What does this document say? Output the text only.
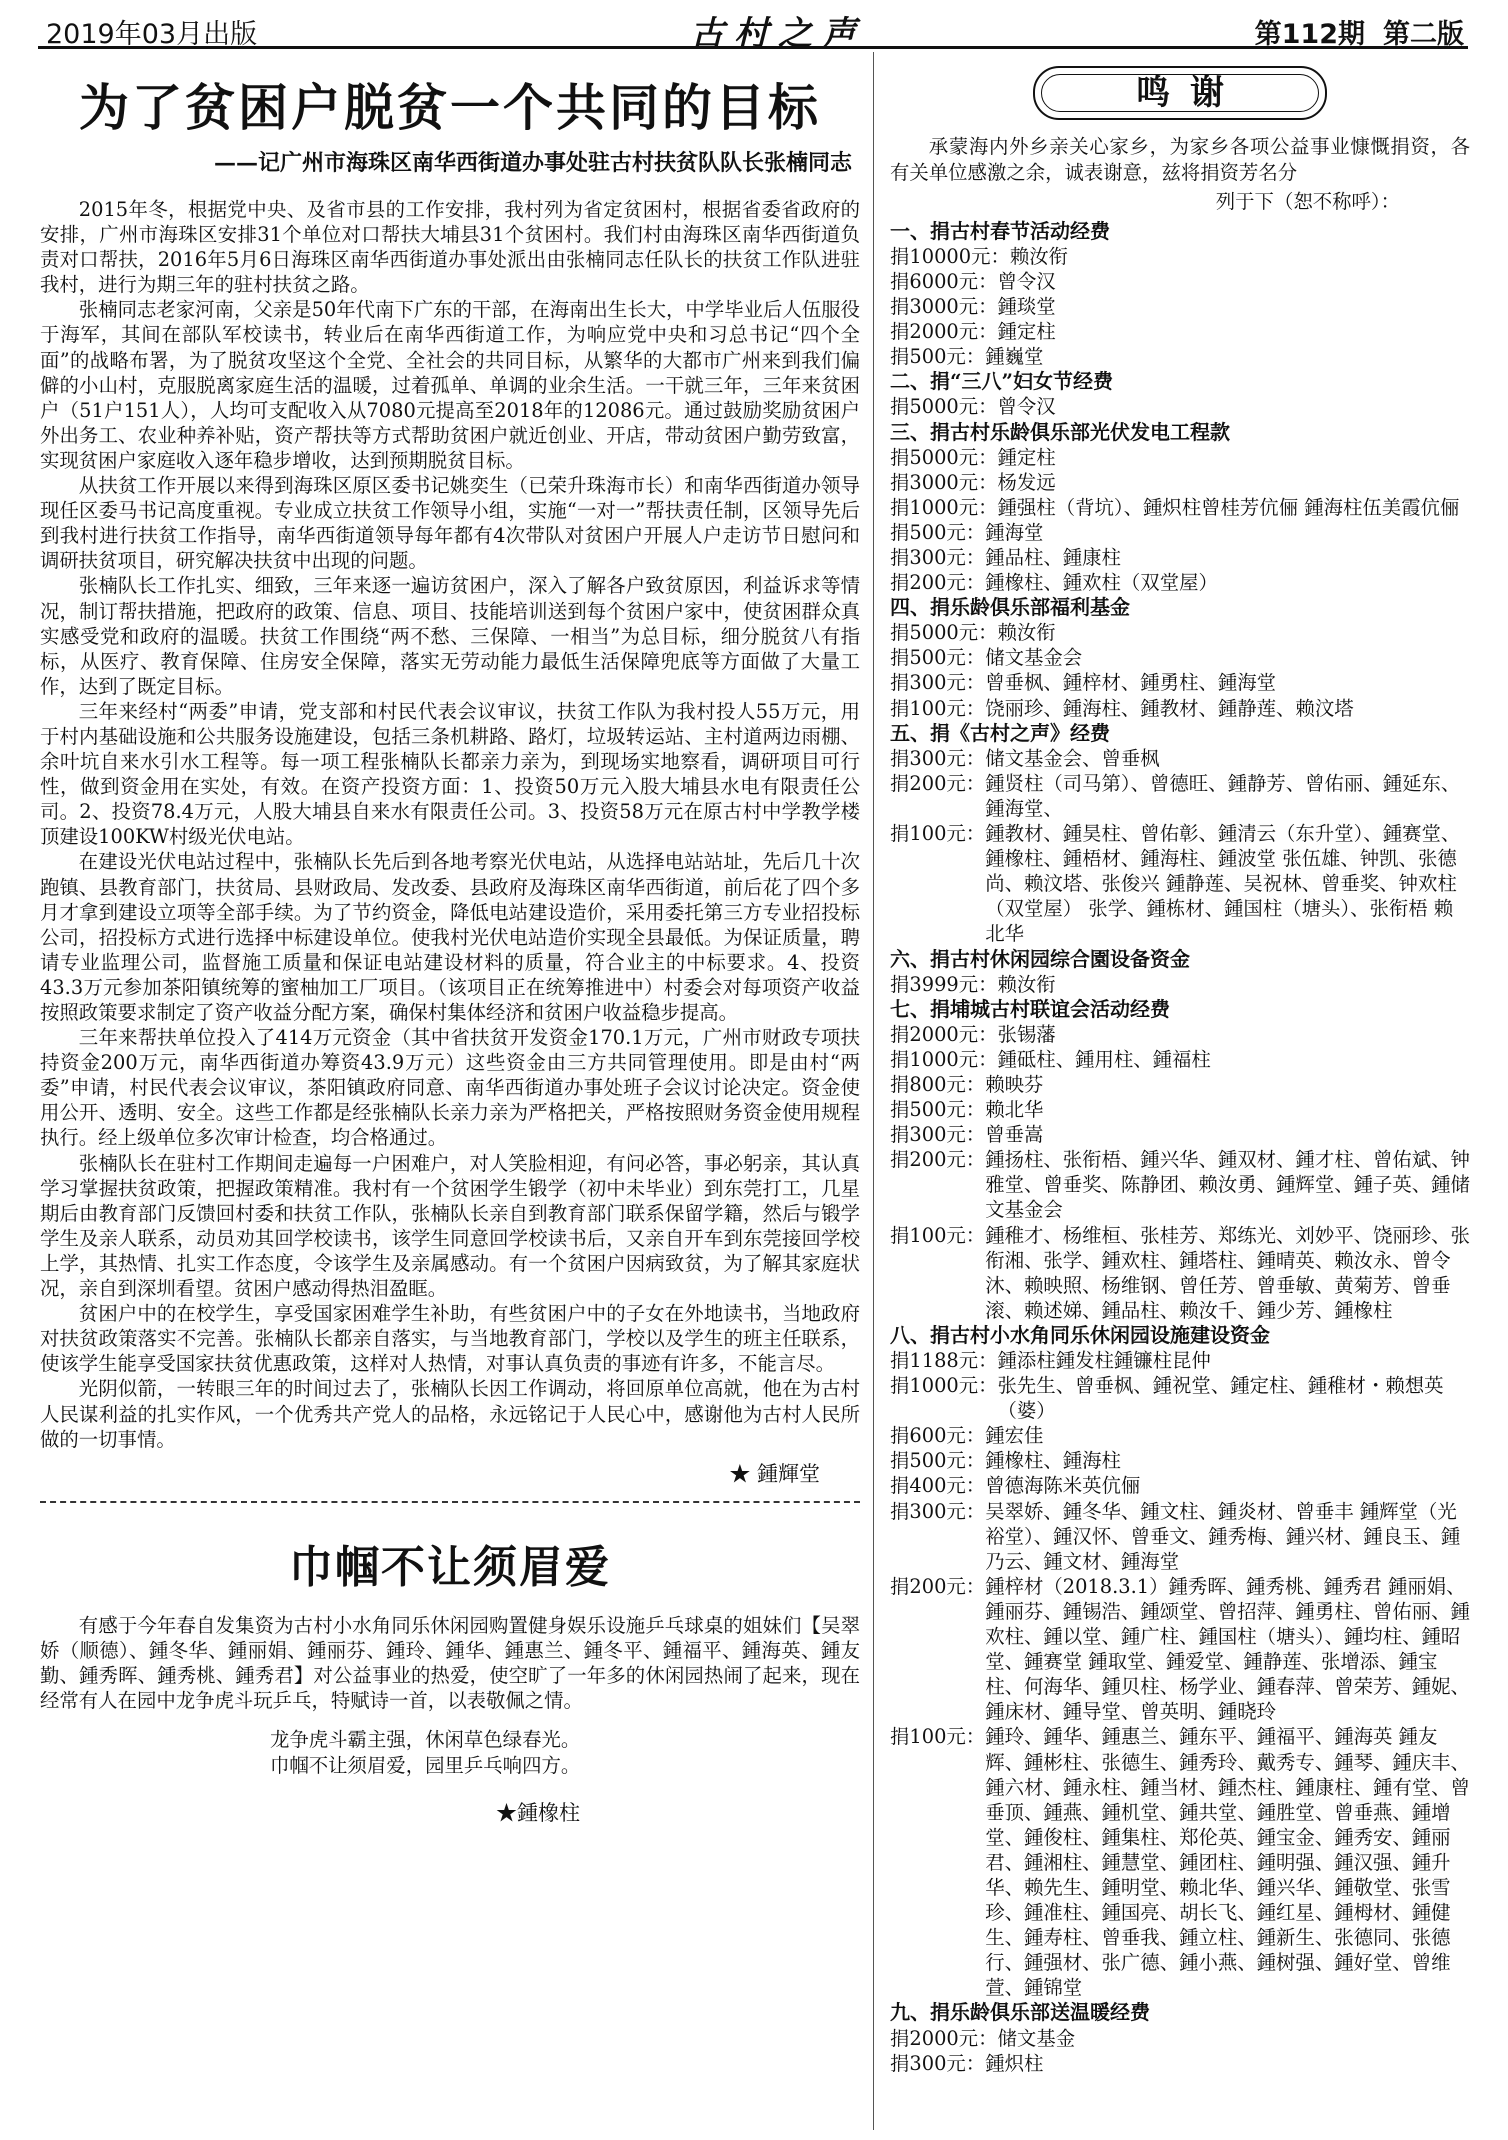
2019年03月出版	古村之声	第112期 第二版
为了贫困户脱贫一个共同的目标
——记广州市海珠区南华西街道办事处驻古村扶贫队队长张楠同志

2015年冬，根据党中央、及省市县的工作安排，我村列为省定贫困村，根据省委省政府的安排，广州市海珠区安排31个单位对口帮扶大埔县31个贫困村。我们村由海珠区南华西街道负责对口帮扶，2016年5月6日海珠区南华西街道办事处派出由张楠同志任队长的扶贫工作队进驻我村，进行为期三年的驻村扶贫之路。

张楠同志老家河南，父亲是50年代南下广东的干部，在海南出生长大，中学毕业后人伍服役于海军，其间在部队军校读书，转业后在南华西街道工作，为响应党中央和习总书记“四个全面”的战略布署，为了脱贫攻坚这个全党、全社会的共同目标，从繁华的大都市广州来到我们偏僻的小山村，克服脱离家庭生活的温暖，过着孤单、单调的业余生活。一干就三年，三年来贫困户（51户151人），人均可支配收入从7080元提高至2018年的12086元。通过鼓励奖励贫困户外出务工、农业种养补贴，资产帮扶等方式帮助贫困户就近创业、开店，带动贫困户勤劳致富，实现贫困户家庭收入逐年稳步增收，达到预期脱贫目标。

从扶贫工作开展以来得到海珠区原区委书记姚奕生（已荣升珠海市长）和南华西街道办领导现任区委马书记高度重视。专业成立扶贫工作领导小组，实施“一对一”帮扶责任制，区领导先后到我村进行扶贫工作指导，南华西街道领导每年都有4次带队对贫困户开展人户走访节日慰问和调研扶贫项目，研究解决扶贫中出现的问题。

张楠队长工作扎实、细致，三年来逐一遍访贫困户，深入了解各户致贫原因，利益诉求等情况，制订帮扶措施，把政府的政策、信息、项目、技能培训送到每个贫困户家中，使贫困群众真实感受党和政府的温暖。扶贫工作围绕“两不愁、三保障、一相当”为总目标，细分脱贫八有指标，从医疗、教育保障、住房安全保障，落实无劳动能力最低生活保障兜底等方面做了大量工作，达到了既定目标。

三年来经村“两委”申请，党支部和村民代表会议审议，扶贫工作队为我村投人55万元，用于村内基础设施和公共服务设施建设，包括三条机耕路、路灯，垃圾转运站、主村道两边雨棚、余叶坑自来水引水工程等。每一项工程张楠队长都亲力亲为，到现场实地察看，调研项目可行性，做到资金用在实处，有效。在资产投资方面：1、投资50万元入股大埔县水电有限责任公司。2、投资78.4万元，人股大埔县自来水有限责任公司。3、投资58万元在原古村中学教学楼顶建设100KW村级光伏电站。

在建设光伏电站过程中，张楠队长先后到各地考察光伏电站，从选择电站站址，先后几十次跑镇、县教育部门，扶贫局、县财政局、发改委、县政府及海珠区南华西街道，前后花了四个多月才拿到建设立项等全部手续。为了节约资金，降低电站建设造价，采用委托第三方专业招投标公司，招投标方式进行选择中标建设单位。使我村光伏电站造价实现全县最低。为保证质量，聘请专业监理公司，监督施工质量和保证电站建设材料的质量，符合业主的中标要求。4、投资43.3万元参加茶阳镇统筹的蜜柚加工厂项目。（该项目正在统筹推进中）村委会对每项资产收益按照政策要求制定了资产收益分配方案，确保村集体经济和贫困户收益稳步提高。

三年来帮扶单位投入了414万元资金（其中省扶贫开发资金170.1万元，广州市财政专项扶持资金200万元，南华西街道办筹资43.9万元）这些资金由三方共同管理使用。即是由村“两委”申请，村民代表会议审议，茶阳镇政府同意、南华西街道办事处班子会议讨论决定。资金使用公开、透明、安全。这些工作都是经张楠队长亲力亲为严格把关，严格按照财务资金使用规程执行。经上级单位多次审计检查，均合格通过。

张楠队长在驻村工作期间走遍每一户困难户，对人笑脸相迎，有问必答，事必躬亲，其认真学习掌握扶贫政策，把握政策精准。我村有一个贫困学生锻学（初中未毕业）到东莞打工，几星期后由教育部门反馈回村委和扶贫工作队，张楠队长亲自到教育部门联系保留学籍，然后与锻学学生及亲人联系，动员劝其回学校读书，该学生同意回学校读书后，又亲自开车到东莞接回学校上学，其热情、扎实工作态度，令该学生及亲属感动。有一个贫困户因病致贫，为了解其家庭状况，亲自到深圳看望。贫困户感动得热泪盈眶。

贫困户中的在校学生，享受国家困难学生补助，有些贫困户中的子女在外地读书，当地政府对扶贫政策落实不完善。张楠队长都亲自落实，与当地教育部门，学校以及学生的班主任联系，使该学生能享受国家扶贫优惠政策，这样对人热情，对事认真负责的事迹有许多，不能言尽。

光阴似箭，一转眼三年的时间过去了，张楠队长因工作调动，将回原单位高就，他在为古村人民谋利益的扎实作风，一个优秀共产党人的品格，永远铭记于人民心中，感谢他为古村人民所做的一切事情。

★ 鍾輝堂

巾帼不让须眉爱

有感于今年春自发集资为古村小水角同乐休闲园购置健身娱乐设施乒乓球桌的姐妹们【吴翠娇（顺德）、鍾冬华、鍾丽娟、鍾丽芬、鍾玲、鍾华、鍾惠兰、鍾冬平、鍾福平、鍾海英、鍾友勤、鍾秀晖、鍾秀桃、鍾秀君】对公益事业的热爱，使空旷了一年多的休闲园热闹了起来，现在经常有人在园中龙争虎斗玩乒乓，特赋诗一首，以表敬佩之情。

龙争虎斗霸主强，休闲草色绿春光。
巾帼不让须眉爱，园里乒乓响四方。
★鍾橡柱
鸣谢
承蒙海内外乡亲关心家乡，为家乡各项公益事业慷慨捐资，各有关单位感激之余，诚表谢意，兹将捐资芳名分
列于下（恕不称呼）：
一、捐古村春节活动经费
捐10000元： 赖汝衔
捐6000元： 曾令汉
捐3000元： 鍾琰堂
捐2000元： 鍾定柱
捐500元： 鍾巍堂
二、捐“三八”妇女节经费
捐5000元： 曾令汉
三、捐古村乐龄俱乐部光伏发电工程款
捐5000元： 鍾定柱
捐3000元： 杨发远
捐1000元： 鍾强柱（背坑）、鍾炽柱曾桂芳伉俪 鍾海柱伍美霞伉俪
捐500元： 鍾海堂
捐300元： 鍾品柱、鍾康柱
捐200元： 鍾橡柱、鍾欢柱（双堂屋）
四、捐乐龄俱乐部福利基金
捐5000元： 赖汝衔
捐500元： 储文基金会
捐300元： 曾垂枫、鍾梓材、鍾勇柱、鍾海堂
捐100元： 饶丽珍、鍾海柱、鍾教材、鍾静莲、赖汶塔
五、捐《古村之声》经费
捐300元： 储文基金会、曾垂枫
捐200元： 鍾贤柱（司马第）、曾德旺、鍾静芳、曾佑丽、鍾延东、鍾海堂、
捐100元： 鍾教材、鍾昊柱、曾佑彰、鍾清云（东升堂）、鍾赛堂、鍾橡柱、鍾梧材、鍾海柱、鍾波堂 张伍雄、钟凯、张德尚、赖汶塔、张俊兴 鍾静莲、吴祝林、曾垂奖、钟欢柱（双堂屋） 张学、鍾栋材、鍾国柱（塘头）、张衔梧 赖北华
六、捐古村休闲园综合園设备资金
捐3999元： 赖汝衔
七、捐埔城古村联谊会活动经费
捐2000元： 张锡藩
捐1000元： 鍾砥柱、鍾用柱、鍾福柱
捐800元： 赖映芬
捐500元： 赖北华
捐300元： 曾垂嵩
捐200元： 鍾扬柱、张衔梧、鍾兴华、鍾双材、鍾才柱、曾佑斌、钟雅堂、曾垂奖、陈静团、赖汝勇、鍾辉堂、鍾子英、鍾储文基金会
捐100元： 鍾稚才、杨维桓、张桂芳、郑练光、刘妙平、饶丽珍、张衔湘、张学、鍾欢柱、鍾塔柱、鍾晴英、赖汝永、曾令沐、赖映照、杨维钢、曾任芳、曾垂敏、黄菊芳、曾垂滚、赖述娣、鍾品柱、赖汝千、鍾少芳、鍾橡柱
八、捐古村小水角同乐休闲园设施建设资金
捐1188元： 鍾添柱鍾发柱鍾镰柱昆仲
捐1000元： 张先生、曾垂枫、鍾祝堂、鍾定柱、鍾稚材・赖想英（婆）
捐600元： 鍾宏佳
捐500元： 鍾橡柱、鍾海柱
捐400元： 曾德海陈米英伉俪
捐300元： 吴翠娇、鍾冬华、鍾文柱、鍾炎材、曾垂丰 鍾辉堂（光裕堂）、鍾汉怀、曾垂文、鍾秀梅、鍾兴材、鍾良玉、鍾乃云、鍾文材、鍾海堂
捐200元： 鍾梓材（2018.3.1）鍾秀晖、鍾秀桃、鍾秀君 鍾丽娟、鍾丽芬、鍾锡浩、鍾颂堂、曾招萍、鍾勇柱、曾佑丽、鍾欢柱、鍾以堂、鍾广柱、鍾国柱（塘头）、鍾均柱、鍾昭堂、鍾赛堂 鍾取堂、鍾爱堂、鍾静莲、张增添、鍾宝柱、何海华、鍾贝柱、杨学业、鍾春萍、曾荣芳、鍾妮、鍾床材、鍾导堂、曾英明、鍾晓玲
捐100元： 鍾玲、鍾华、鍾惠兰、鍾东平、鍾福平、鍾海英 鍾友辉、鍾彬柱、张德生、鍾秀玲、戴秀专、鍾琴、鍾庆丰、鍾六材、鍾永柱、鍾当材、鍾杰柱、鍾康柱、鍾有堂、曾垂顶、鍾燕、鍾机堂、鍾共堂、鍾胜堂、曾垂燕、鍾增堂、鍾俊柱、鍾集柱、郑伦英、鍾宝金、鍾秀安、鍾丽君、鍾湘柱、鍾慧堂、鍾团柱、鍾明强、鍾汉强、鍾升华、赖先生、鍾明堂、赖北华、鍾兴华、鍾敬堂、张雪珍、鍾准柱、鍾国亮、胡长飞、鍾红星、鍾栂材、鍾健生、鍾寿柱、曾垂我、鍾立柱、鍾新生、张德同、张德行、鍾强材、张广德、鍾小燕、鍾树强、鍾好堂、曾维萱、鍾锦堂
九、捐乐龄俱乐部送温暖经费
捐2000元： 储文基金
捐300元： 鍾炽柱
